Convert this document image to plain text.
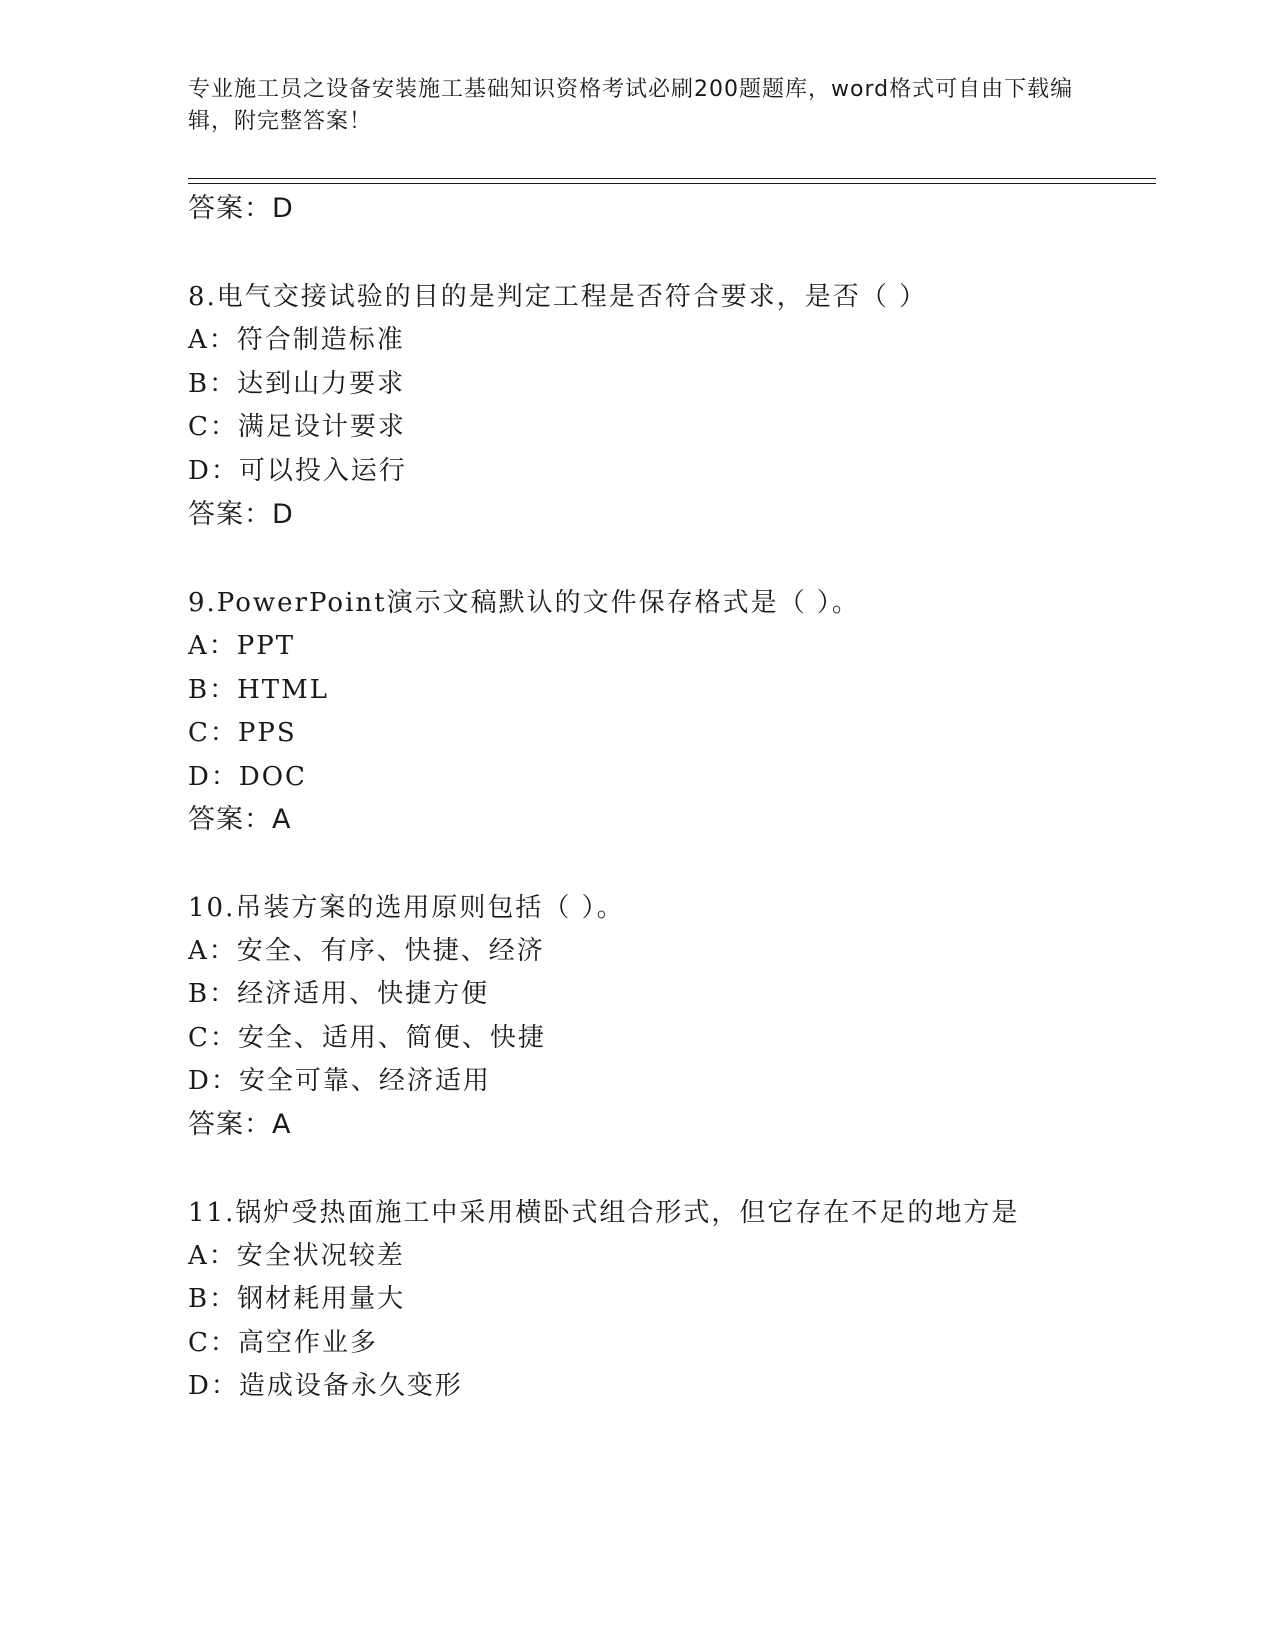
专业施工员之设备安装施工基础知识资格考试必刷200题题库，word格式可自由下载编辑，附完整答案！
答案：D
8.电气交接试验的目的是判定工程是否符合要求，是否（ ）
A：符合制造标准
B：达到山力要求
C：满足设计要求
D：可以投入运行
答案：D
9.PowerPoint演示文稿默认的文件保存格式是（ ）。
A：PPT
B：HTML
C：PPS
D：DOC
答案：A
10.吊装方案的选用原则包括（ ）。
A：安全、有序、快捷、经济
B：经济适用、快捷方便
C：安全、适用、简便、快捷
D：安全可靠、经济适用
答案：A
11.锅炉受热面施工中采用横卧式组合形式，但它存在不足的地方是
A：安全状况较差
B：钢材耗用量大
C：高空作业多
D：造成设备永久变形
